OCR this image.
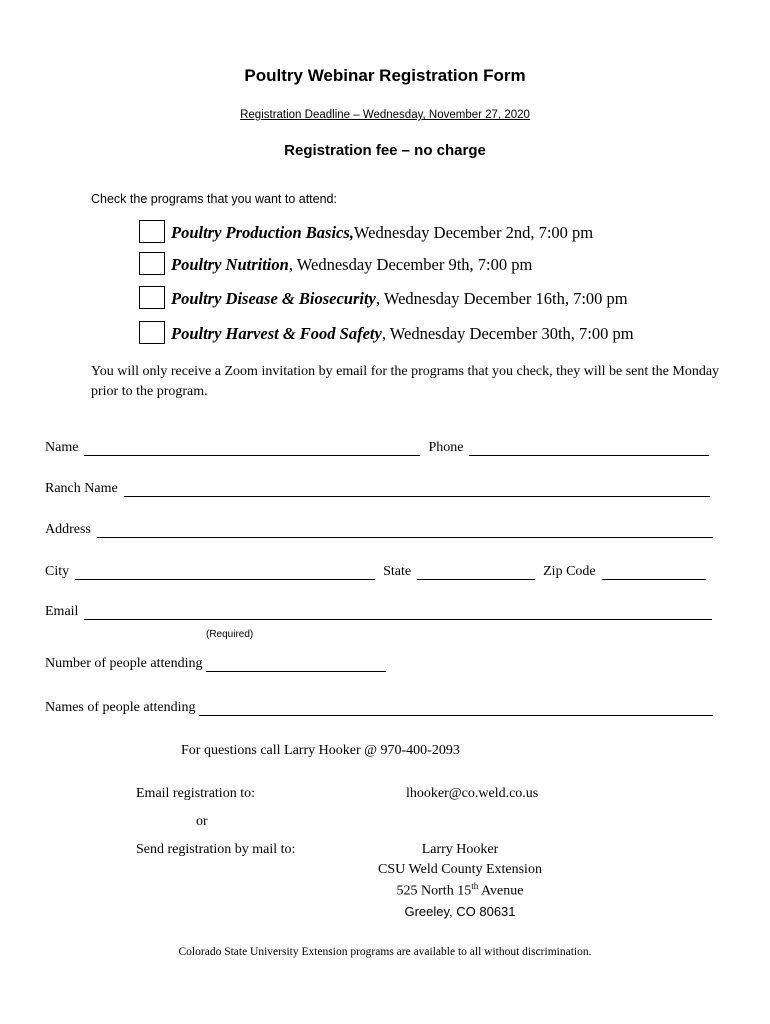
Poultry Webinar Registration Form
Registration Deadline – Wednesday, November 27, 2020
Registration fee – no charge
Check the programs that you want to attend:
Poultry Production Basics, Wednesday December 2nd, 7:00 pm
Poultry Nutrition , Wednesday December 9th, 7:00 pm
Poultry Disease & Biosecurity , Wednesday December 16th, 7:00 pm
Poultry Harvest & Food Safety , Wednesday December 30th, 7:00 pm
You will only receive a Zoom invitation by email for the programs that you check, they will be sent the Monday prior to the program.
Name	Phone
Ranch Name
Address
City	State	Zip Code
Email
(Required)
Number of people attending
Names of people attending
For questions call Larry Hooker @ 970-400-2093
Email registration to:	lhooker@co.weld.co.us
or
Send registration by mail to:	Larry Hooker
CSU Weld County Extension
525 North 15th Avenue
Greeley, CO 80631
Colorado State University Extension programs are available to all without discrimination.
